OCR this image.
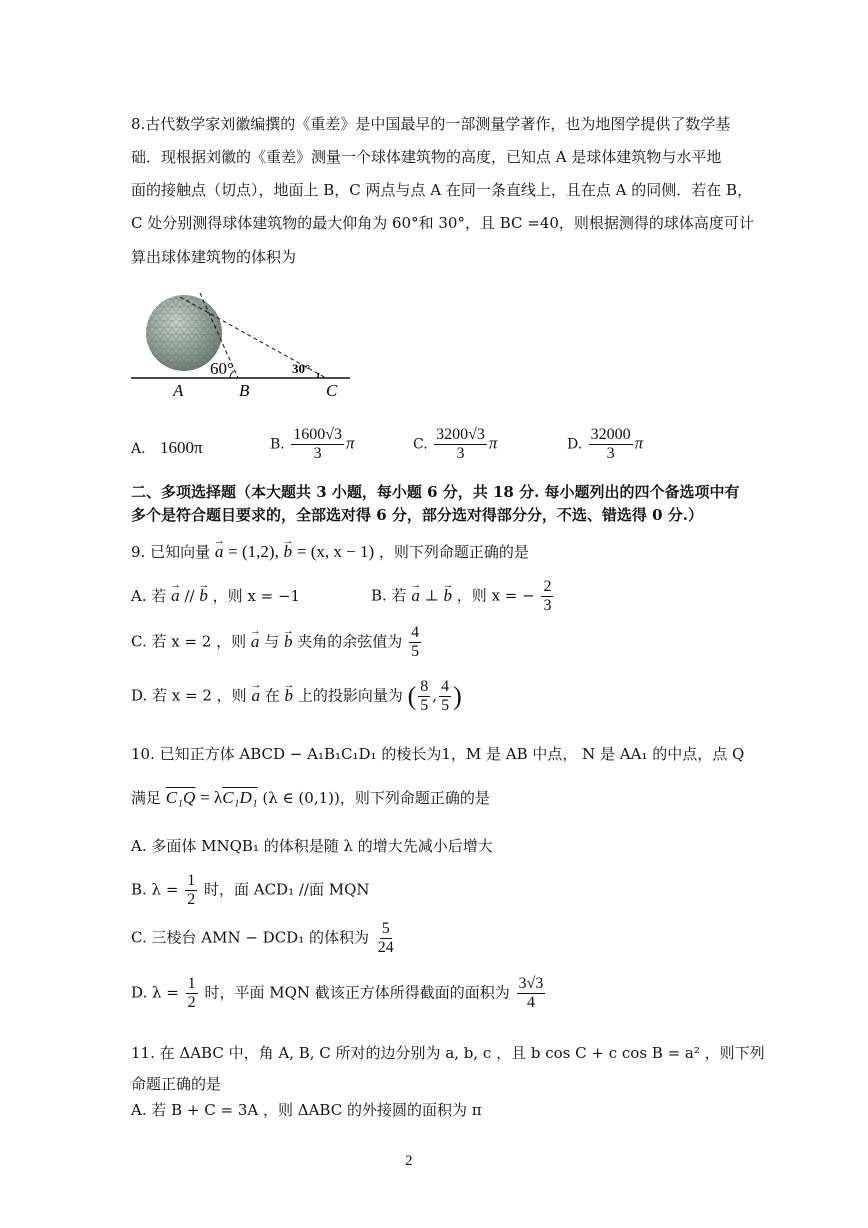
8.古代数学家刘徽编撰的《重差》是中国最早的一部测量学著作，也为地图学提供了数学基
础．现根据刘徽的《重差》测量一个球体建筑物的高度，已知点 A 是球体建筑物与水平地
面的接触点（切点），地面上 B，C 两点与点 A 在同一条直线上，且在点 A 的同侧．若在 B，
C 处分别测得球体建筑物的最大仰角为 60°和 30°，且 BC =40，则根据测得的球体高度可计
算出球体建筑物的体积为
60°	30°
A	B	C
A. 1600π	B. $\frac{1600√3}{3}$ π	C. $\frac{3200√3}{3}$ π	D. $\frac{32000}{3}$ π
二、多项选择题（本大题共 3 小题，每小题 6 分，共 18 分. 每小题列出的四个备选项中有
多个是符合题目要求的，全部选对得 6 分，部分选对得部分分，不选、错选得 0 分.）
9. 已知向量 → a = (1,2), → b = (x, x − 1) ，则下列命题正确的是
A. 若 → a // → b ，则 x = −1	B. 若 → a ⊥ → b ，则 x = − $\frac{2}{3}$
C. 若 x = 2 ，则 → a 与 → b 夹角的余弦值为 $\frac{4}{5}$
D. 若 x = 2 ，则 → a 在 → b 上的投影向量为 ( $\frac{8}{5}$ , $\frac{4}{5}$ )
10. 已知正方体 ABCD − A₁B₁C₁D₁ 的棱长为1，M 是 AB 中点， N 是 AA₁ 的中点，点 Q
满足 C₁Q = λC₁D₁ (λ ∈ (0,1))，则下列命题正确的是
A. 多面体 MNQB₁ 的体积是随 λ 的增大先减小后增大
B. $\lambda = \frac{1}{2}$ 时，面 ACD₁ //面 MQN
C. 三棱台 AMN − DCD₁ 的体积为 $\frac{5}{24}$
D. $\lambda = \frac{1}{2}$ 时，平面 MQN 截该正方体所得截面的面积为 $\frac{3√3}{4}$
11. 在 ΔABC 中，角 A, B, C 所对的边分别为 a, b, c ，且 b cos C + c cos B = a² ，则下列
命题正确的是
A. 若 B + C = 3A ，则 ΔABC 的外接圆的面积为 π
2
